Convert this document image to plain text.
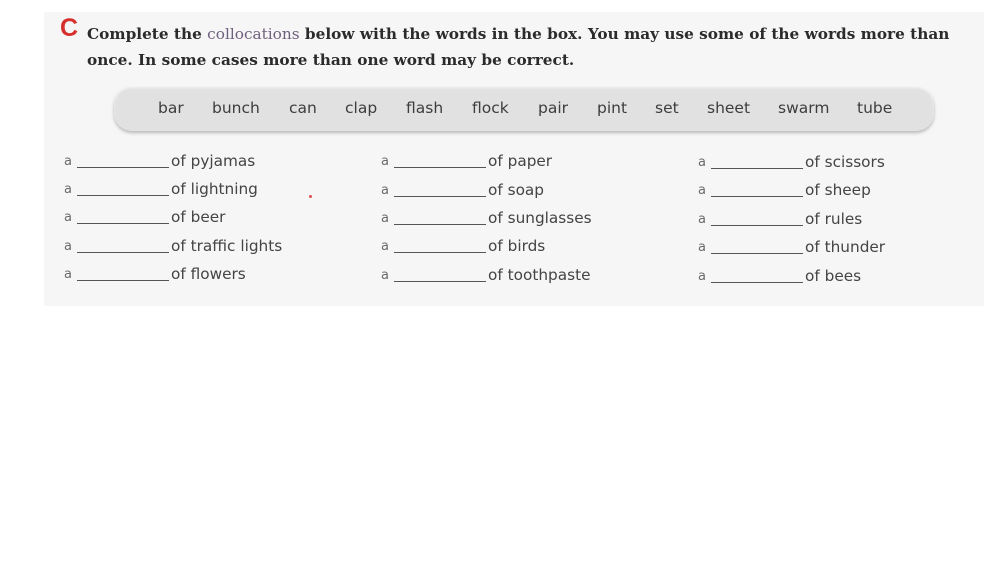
C Complete the collocations below with the words in the box. You may use some of the words more than once. In some cases more than one word may be correct.
bar bunch can clap flash flock pair pint set sheet swarm tube
a	of pyjamas
a	of lightning
a	of beer
a	of traffic lights
a	of flowers
a	of paper
a	of soap
a	of sunglasses
a	of birds
a	of toothpaste
a	of scissors
a	of sheep
a	of rules
a	of thunder
a	of bees
